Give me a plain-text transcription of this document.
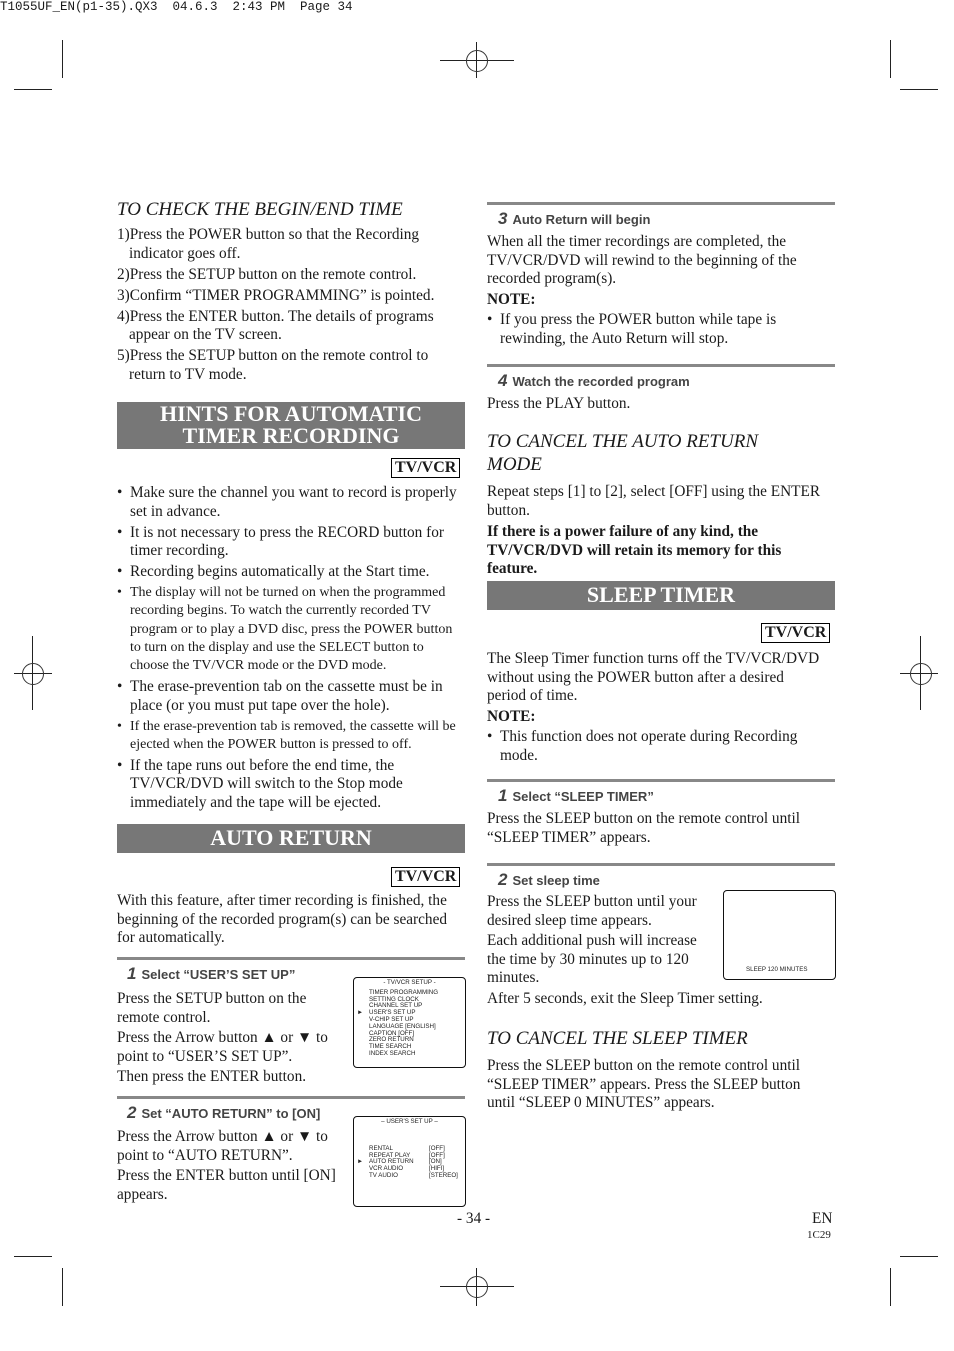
T1055UF_EN(p1-35).QX3  04.6.3  2:43 PM  Page 34
TO CHECK THE BEGIN/END TIME
1)Press the POWER button so that the Recording indicator goes off.
2)Press the SETUP button on the remote control.
3)Confirm “TIMER PROGRAMMING” is pointed.
4)Press the ENTER button. The details of programs appear on the TV screen.
5)Press the SETUP button on the remote control to return to TV mode.
HINTS FOR AUTOMATIC
TIMER RECORDING
TV/VCR
• Make sure the channel you want to record is properly set in advance.
• It is not necessary to press the RECORD button for timer recording.
• Recording begins automatically at the Start time.
• The display will not be turned on when the programmed recording begins. To watch the currently recorded TV program or to play a DVD disc, press the POWER button to turn on the display and use the SELECT button to choose the TV/VCR mode or the DVD mode.
• The erase-prevention tab on the cassette must be in place (or you must put tape over the hole).
• If the erase-prevention tab is removed, the cassette will be ejected when the POWER button is pressed to off.
• If the tape runs out before the end time, the TV/VCR/DVD will switch to the Stop mode immediately and the tape will be ejected.
AUTO RETURN
TV/VCR
With this feature, after timer recording is finished, the beginning of the recorded program(s) can be searched for automatically.
1 Select “USER’S SET UP”

Press the SETUP button on the remote control.

Press the Arrow button ▲ or ▼ to

point to “USER’S SET UP”.

Then press the ENTER button.

- TV/VCR SETUP -
►
TIMER PROGRAMMING
SETTING CLOCK
CHANNEL SET UP
USER'S SET UP
V-CHIP SET UP
LANGUAGE [ENGLISH]
CAPTION [OFF]
ZERO RETURN
TIME SEARCH
INDEX SEARCH
2 Set “AUTO RETURN” to [ON]

Press the Arrow button ▲ or ▼ to

point to “AUTO RETURN”.

Press the ENTER button until [ON] appears.

– USER'S SET UP –
►
RENTAL	[OFF]
REPEAT PLAY	[OFF]
AUTO RETURN [ON]
VCR AUDIO	[HIFI]
TV AUDIO	[STEREO]
3 Auto Return will begin

When all the timer recordings are completed, the TV/VCR/DVD will rewind to the beginning of the recorded program(s).

NOTE:

• If you press the POWER button while tape is rewinding, the Auto Return will stop.
4 Watch the recorded program
Press the PLAY button.
TO CANCEL THE AUTO RETURN
MODE

Repeat steps [1] to [2], select [OFF] using the ENTER button.

If there is a power failure of any kind, the TV/VCR/DVD will retain its memory for this feature.

SLEEP TIMER
TV/VCR

The Sleep Timer function turns off the TV/VCR/DVD without using the POWER button after a desired period of time.

NOTE:

• This function does not operate during Recording mode.
1 Select “SLEEP TIMER”
Press the SLEEP button on the remote control until “SLEEP TIMER” appears.
2 Set sleep time

Press the SLEEP button until your desired sleep time appears.

Each additional push will increase the time by 30 minutes up to 120 minutes.	SLEEP 120 MINUTES
After 5 seconds, exit the Sleep Timer setting.
TO CANCEL THE SLEEP TIMER

Press the SLEEP button on the remote control until “SLEEP TIMER” appears. Press the SLEEP button until “SLEEP 0 MINUTES” appears.

- 34 -	EN
1C29
